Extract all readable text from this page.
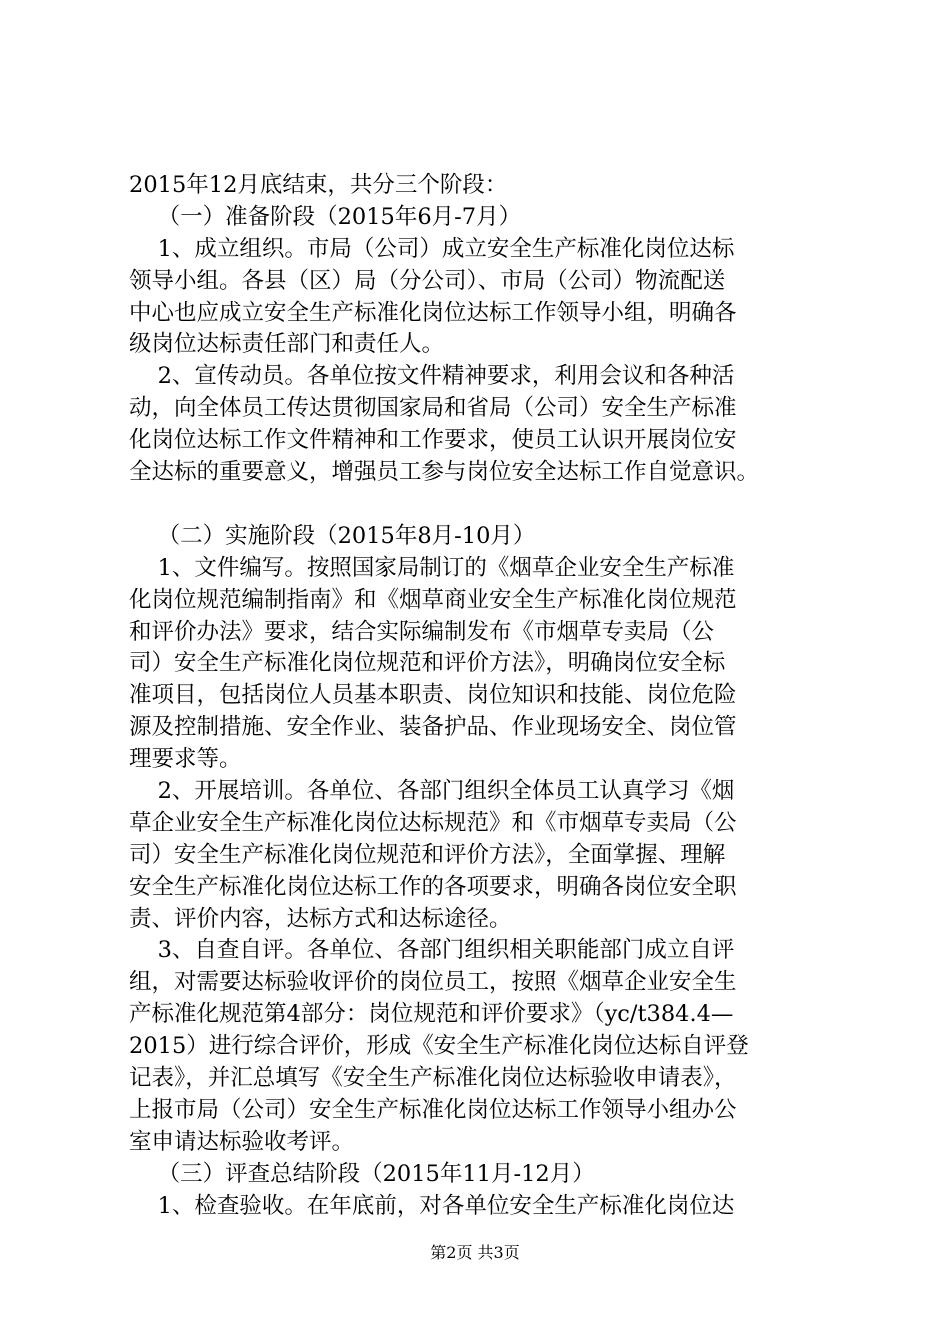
2015年12月底结束，共分三个阶段：
（一）准备阶段（2015年6月-7月）
1、成立组织。市局（公司）成立安全生产标准化岗位达标
领导小组。各县（区）局（分公司）、市局（公司）物流配送
中心也应成立安全生产标准化岗位达标工作领导小组，明确各
级岗位达标责任部门和责任人。
2、宣传动员。各单位按文件精神要求，利用会议和各种活
动，向全体员工传达贯彻国家局和省局（公司）安全生产标准
化岗位达标工作文件精神和工作要求，使员工认识开展岗位安
全达标的重要意义，增强员工参与岗位安全达标工作自觉意识。
（二）实施阶段（2015年8月-10月）
1、文件编写。按照国家局制订的《烟草企业安全生产标准
化岗位规范编制指南》和《烟草商业安全生产标准化岗位规范
和评价办法》要求，结合实际编制发布《市烟草专卖局（公
司）安全生产标准化岗位规范和评价方法》，明确岗位安全标
准项目，包括岗位人员基本职责、岗位知识和技能、岗位危险
源及控制措施、安全作业、装备护品、作业现场安全、岗位管
理要求等。
2、开展培训。各单位、各部门组织全体员工认真学习《烟
草企业安全生产标准化岗位达标规范》和《市烟草专卖局（公
司）安全生产标准化岗位规范和评价方法》，全面掌握、理解
安全生产标准化岗位达标工作的各项要求，明确各岗位安全职
责、评价内容，达标方式和达标途径。
3、自查自评。各单位、各部门组织相关职能部门成立自评
组，对需要达标验收评价的岗位员工，按照《烟草企业安全生
产标准化规范第4部分：岗位规范和评价要求》（yc/t384.4—
2015）进行综合评价，形成《安全生产标准化岗位达标自评登
记表》，并汇总填写《安全生产标准化岗位达标验收申请表》，
上报市局（公司）安全生产标准化岗位达标工作领导小组办公
室申请达标验收考评。
（三）评查总结阶段（2015年11月-12月）
1、检查验收。在年底前，对各单位安全生产标准化岗位达
第2页 共3页
